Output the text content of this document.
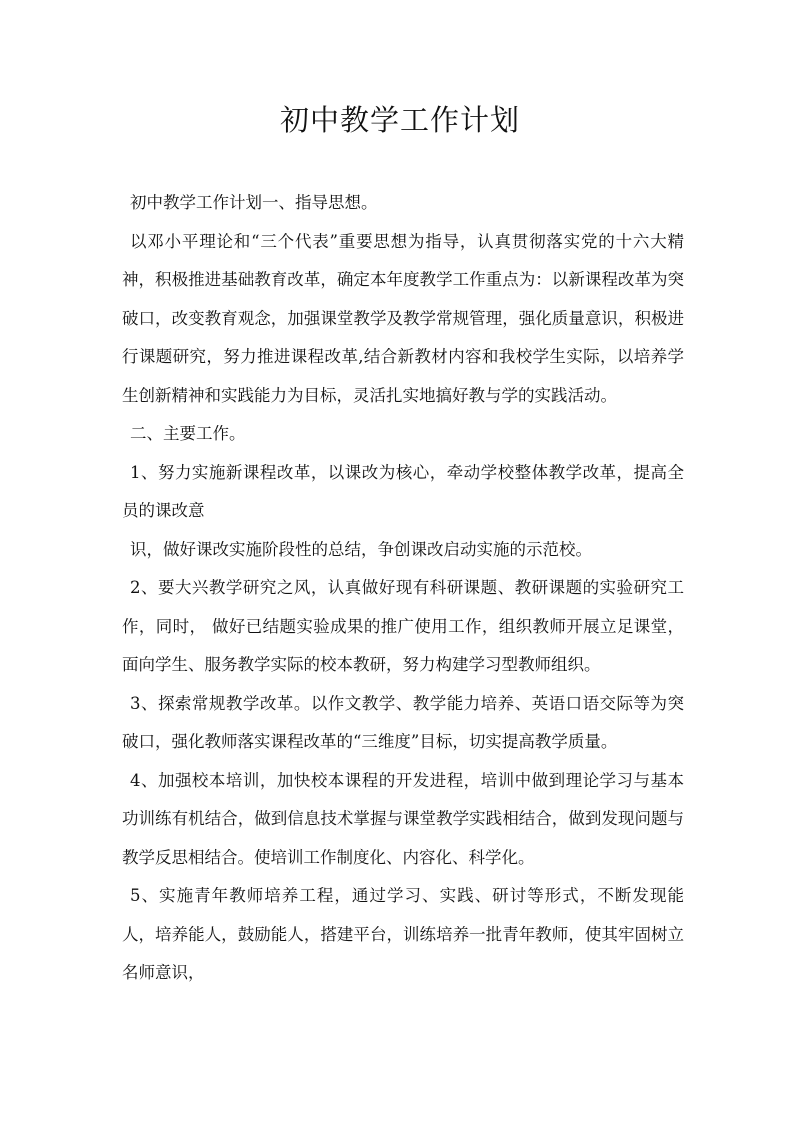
初中教学工作计划

初中教学工作计划一、指导思想。

以邓小平理论和“三个代表”重要思想为指导，认真贯彻落实党的十六大精神，积极推进基础教育改革，确定本年度教学工作重点为：以新课程改革为突破口，改变教育观念，加强课堂教学及教学常规管理，强化质量意识，积极进行课题研究，努力推进课程改革,结合新教材内容和我校学生实际，以培养学生创新精神和实践能力为目标，灵活扎实地搞好教与学的实践活动。

二、主要工作。

1、努力实施新课程改革，以课改为核心，牵动学校整体教学改革，提高全员的课改意

识，做好课改实施阶段性的总结，争创课改启动实施的示范校。

2、要大兴教学研究之风，认真做好现有科研课题、教研课题的实验研究工作，同时， 做好已结题实验成果的推广使用工作，组织教师开展立足课堂，面向学生、服务教学实际的校本教研，努力构建学习型教师组织。

3、探索常规教学改革。以作文教学、教学能力培养、英语口语交际等为突破口，强化教师落实课程改革的“三维度”目标，切实提高教学质量。

4、加强校本培训，加快校本课程的开发进程，培训中做到理论学习与基本功训练有机结合，做到信息技术掌握与课堂教学实践相结合，做到发现问题与教学反思相结合。使培训工作制度化、内容化、科学化。

5、实施青年教师培养工程，通过学习、实践、研讨等形式，不断发现能人，培养能人，鼓励能人，搭建平台，训练培养一批青年教师，使其牢固树立名师意识，
